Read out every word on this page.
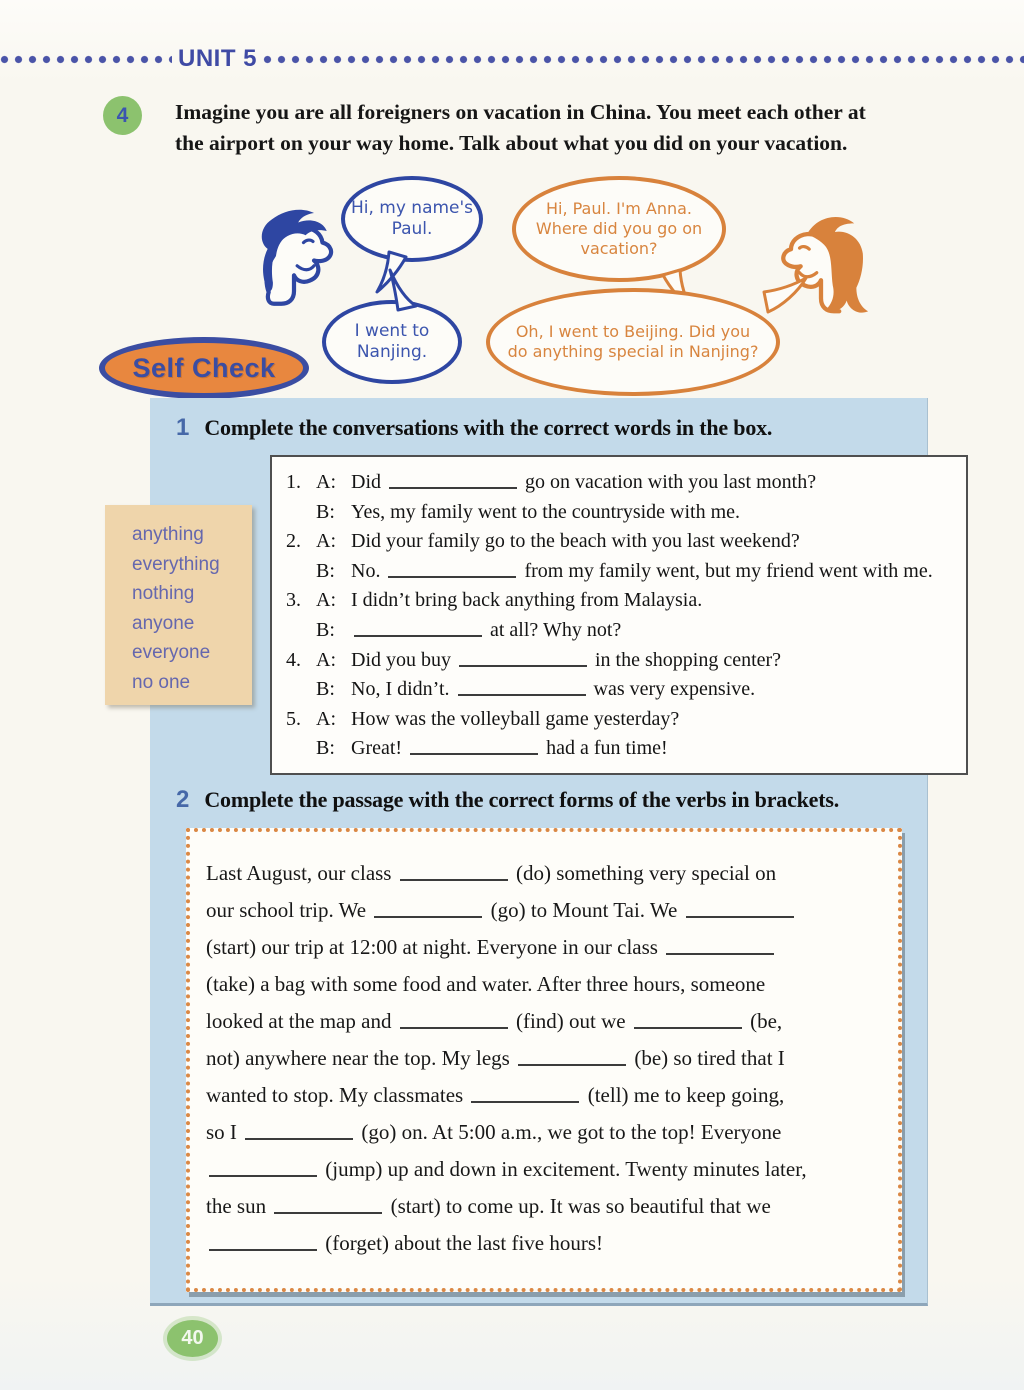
UNIT 5
4	Imagine you are all foreigners on vacation in China. You meet each other at the airport on your way home. Talk about what you did on your vacation.
Hi, my name's Paul.
Hi, Paul. I'm Anna. Where did you go on vacation?
I went to Nanjing.
Oh, I went to Beijing. Did you do anything special in Nanjing?
Self Check
1 Complete the conversations with the correct words in the box.
anything
everything
nothing
anyone
everyone
no one
1. A: Did	go on vacation with you last month?
B: Yes, my family went to the countryside with me.
2. A: Did your family go to the beach with you last weekend?
B: No.	from my family went, but my friend went with me.
3. A: I didn’t bring back anything from Malaysia.
B:	at all? Why not?
4. A: Did you buy	in the shopping center?
B: No, I didn’t.	was very expensive.
5. A: How was the volleyball game yesterday?
B: Great!	had a fun time!
2 Complete the passage with the correct forms of the verbs in brackets.
Last August, our class	(do) something very special on
our school trip. We	(go) to Mount Tai. We
(start) our trip at 12:00 at night. Everyone in our class
(take) a bag with some food and water. After three hours, someone
looked at the map and	(find) out we	(be,
not) anywhere near the top. My legs	(be) so tired that I
wanted to stop. My classmates	(tell) me to keep going,
so I	(go) on. At 5:00 a.m., we got to the top! Everyone
(jump) up and down in excitement. Twenty minutes later,
the sun	(start) to come up. It was so beautiful that we
(forget) about the last five hours!
40
